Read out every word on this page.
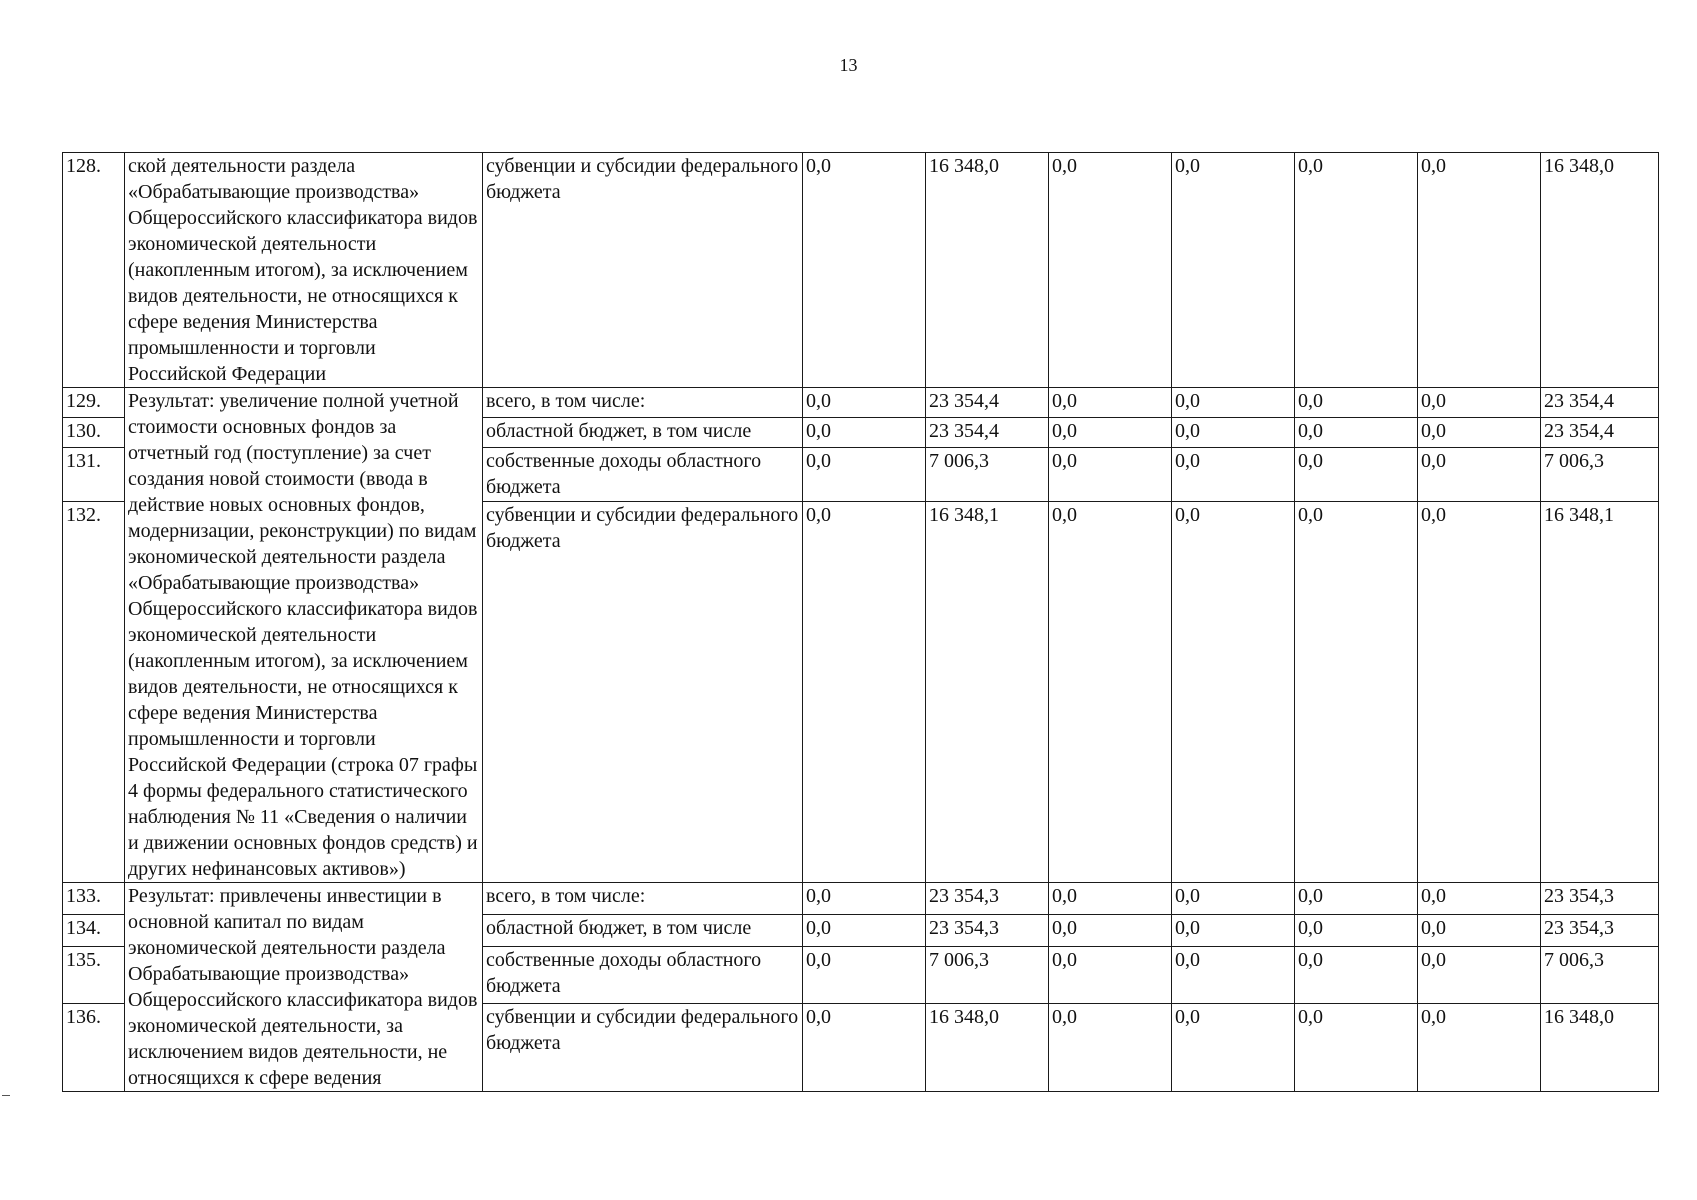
13
128.	ской деятельности раздела «Обрабатывающие производства» Общероссийского классификатора видов экономической деятельности (накопленным итогом), за исключением видов деятельности, не относящихся к сфере ведения Министерства промышленности и торговли Российской Федерации	субвенции и субсидии федерального бюджета	0,0	16 348,0	0,0	0,0	0,0	0,0	16 348,0
129.	Результат: увеличение полной учетной стоимости основных фондов за отчетный год (поступление) за счет создания новой стоимости (ввода в действие новых основных фондов, модернизации, реконструкции) по видам экономической деятельности раздела «Обрабатывающие производства» Общероссийского классификатора видов экономической деятельности (накопленным итогом), за исключением видов деятельности, не относящихся к сфере ведения Министерства промышленности и торговли Российской Федерации (строка 07 графы 4 формы федерального статистического наблюдения № 11 «Сведения о наличии и движении основных фондов средств) и других нефинансовых активов»)	всего, в том числе:	0,0	23 354,4	0,0	0,0	0,0	0,0	23 354,4
130.		областной бюджет, в том числе	0,0	23 354,4	0,0	0,0	0,0	0,0	23 354,4
131.		собственные доходы областного бюджета	0,0	7 006,3	0,0	0,0	0,0	0,0	7 006,3
132.		субвенции и субсидии федерального бюджета	0,0	16 348,1	0,0	0,0	0,0	0,0	16 348,1
133.	Результат: привлечены инвестиции в основной капитал по видам экономической деятельности раздела Обрабатывающие производства» Общероссийского классификатора видов экономической деятельности, за исключением видов деятельности, не относящихся к сфере ведения	всего, в том числе:	0,0	23 354,3	0,0	0,0	0,0	0,0	23 354,3
134.		областной бюджет, в том числе	0,0	23 354,3	0,0	0,0	0,0	0,0	23 354,3
135.		собственные доходы областного бюджета	0,0	7 006,3	0,0	0,0	0,0	0,0	7 006,3
136.		субвенции и субсидии федерального бюджета	0,0	16 348,0	0,0	0,0	0,0	0,0	16 348,0
